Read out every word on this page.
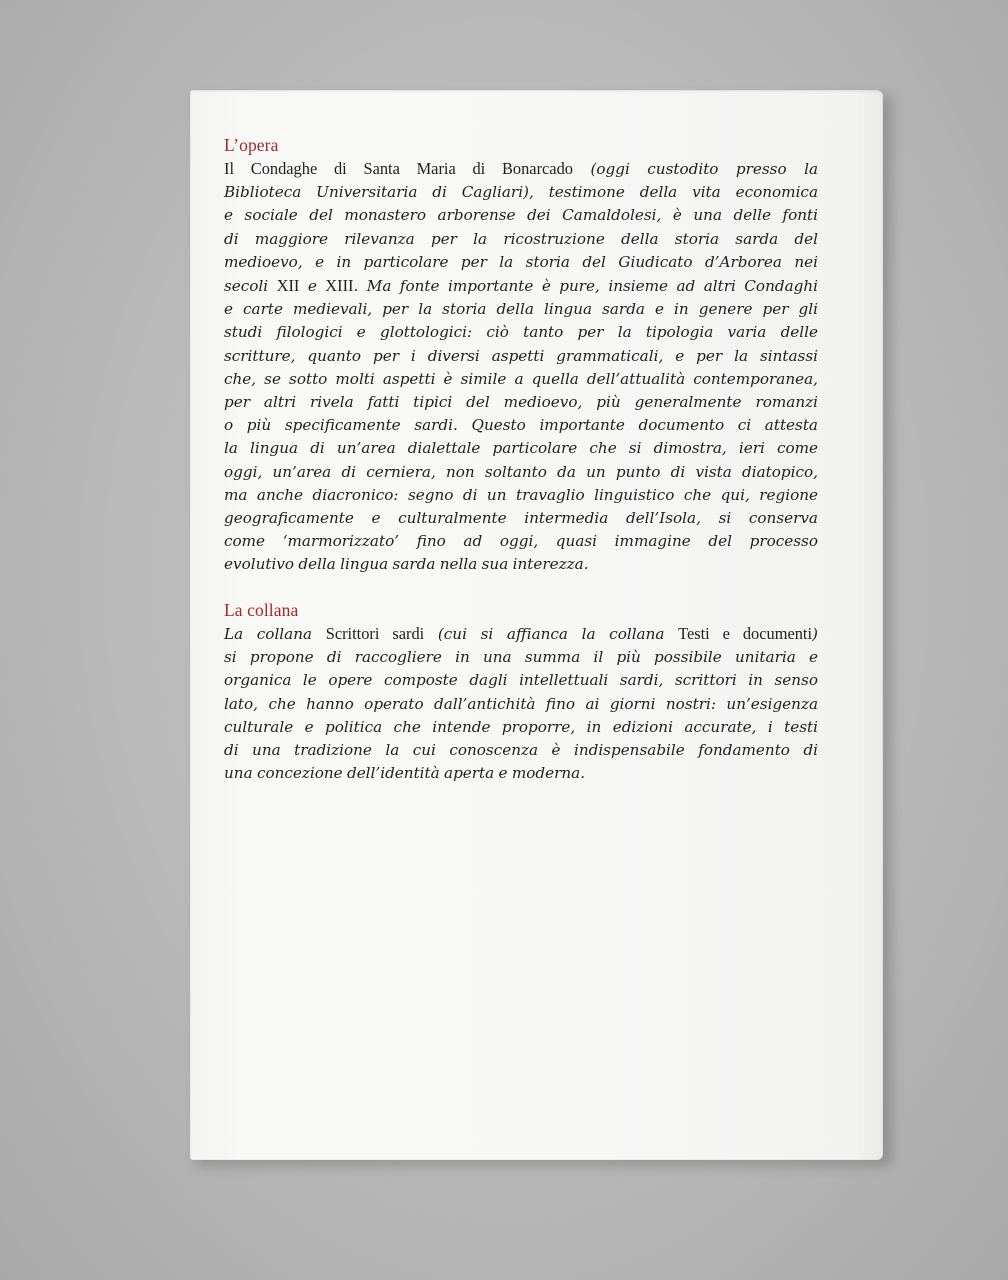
L’opera

Il Condaghe di Santa Maria di Bonarcado (oggi custodito presso la
Biblioteca Universitaria di Cagliari), testimone della vita economica
e sociale del monastero arborense dei Camaldolesi, è una delle fonti
di maggiore rilevanza per la ricostruzione della storia sarda del
medioevo, e in particolare per la storia del Giudicato d’Arborea nei
secoli XII e XIII. Ma fonte importante è pure, insieme ad altri Condaghi
e carte medievali, per la storia della lingua sarda e in genere per gli
studi filologici e glottologici: ciò tanto per la tipologia varia delle
scritture, quanto per i diversi aspetti grammaticali, e per la sintassi
che, se sotto molti aspetti è simile a quella dell’attualità contemporanea,
per altri rivela fatti tipici del medioevo, più generalmente romanzi
o più specificamente sardi. Questo importante documento ci attesta
la lingua di un’area dialettale particolare che si dimostra, ieri come
oggi, un’area di cerniera, non soltanto da un punto di vista diatopico,
ma anche diacronico: segno di un travaglio linguistico che qui, regione
geograficamente e culturalmente intermedia dell’Isola, si conserva
come ‘marmorizzato’ fino ad oggi, quasi immagine del processo
evolutivo della lingua sarda nella sua interezza.

La collana

La collana Scrittori sardi (cui si affianca la collana Testi e documenti)
si propone di raccogliere in una summa il più possibile unitaria e
organica le opere composte dagli intellettuali sardi, scrittori in senso
lato, che hanno operato dall’antichità fino ai giorni nostri: un’esigenza
culturale e politica che intende proporre, in edizioni accurate, i testi
di una tradizione la cui conoscenza è indispensabile fondamento di
una concezione dell’identità aperta e moderna.
